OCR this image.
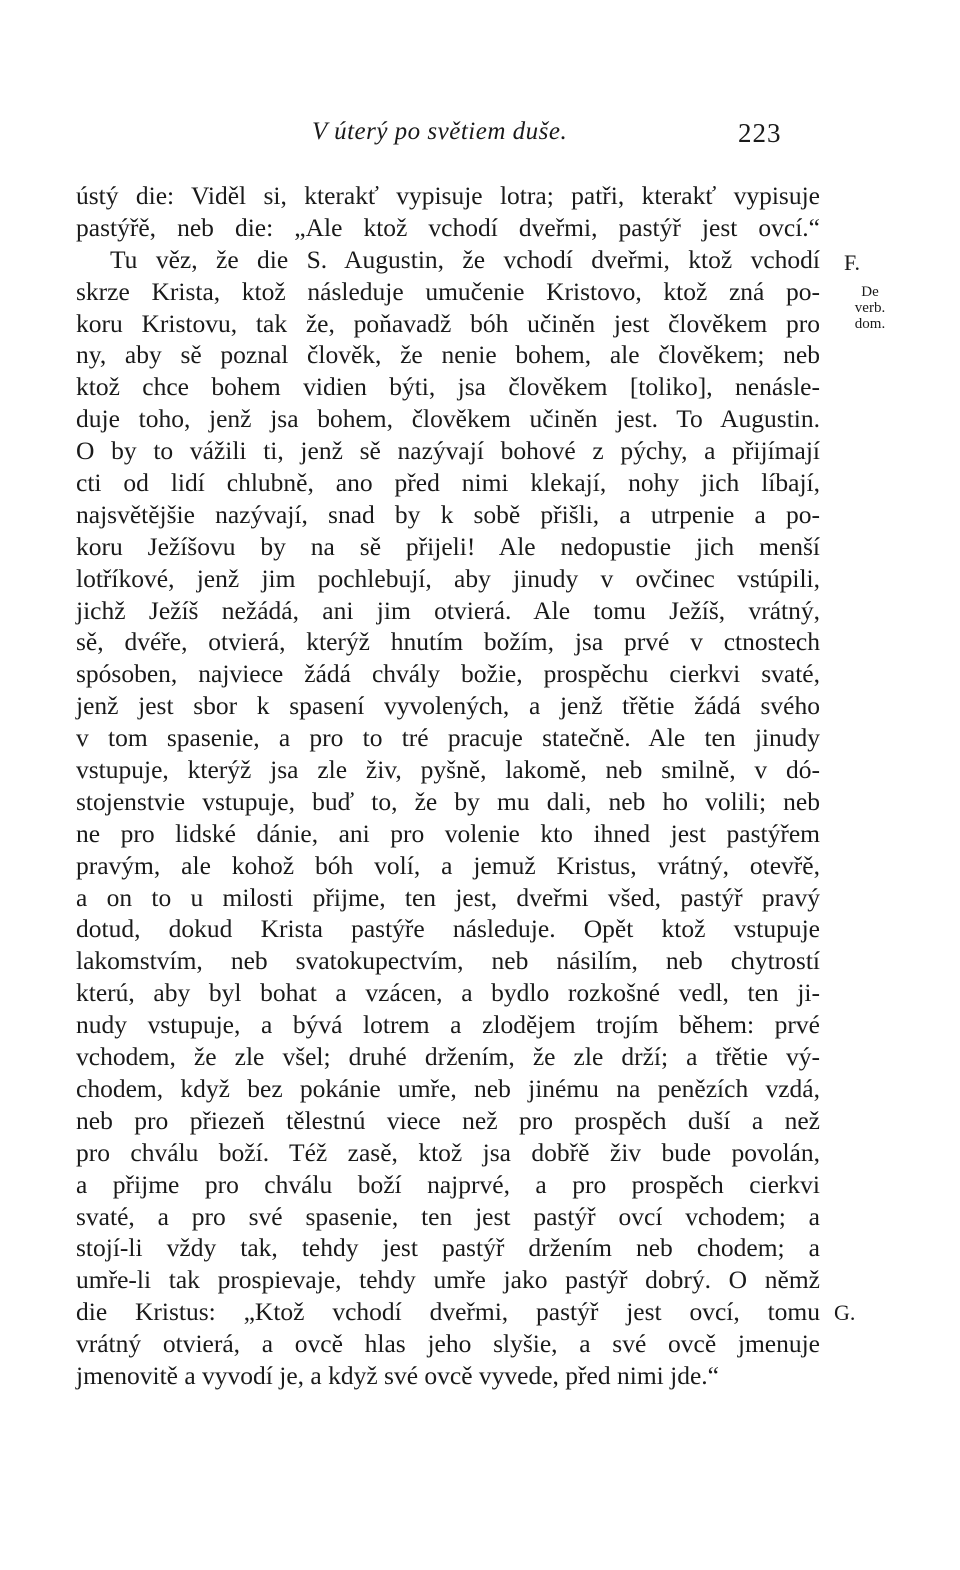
V úterý po světiem duše.	223
ústý die: Viděl si, kterakť vypisuje lotra; patři, kterakť vypisuje
pastýřě, neb die: „Ale ktož vchodí dveřmi, pastýř jest ovcí.“
Tu věz, že die S. Augustin, že vchodí dveřmi, ktož vchodí
skrze Krista, ktož následuje umučenie Kristovo, ktož zná po-
koru Kristovu, tak že, poňavadž bóh učiněn jest člověkem pro
ny, aby sě poznal člověk, že nenie bohem, ale člověkem; neb
ktož chce bohem vidien býti, jsa člověkem [toliko], nenásle-
duje toho, jenž jsa bohem, člověkem učiněn jest. To Augustin.
O by to vážili ti, jenž sě nazývají bohové z pýchy, a přijímají
cti od lidí chlubně, ano před nimi klekají, nohy jich líbají,
najsvětějšie nazývají, snad by k sobě přišli, a utrpenie a po-
koru Ježíšovu by na sě přijeli! Ale nedopustie jich menší
lotříkové, jenž jim pochlebují, aby jinudy v ovčinec vstúpili,
jichž Ježíš nežádá, ani jim otvierá. Ale tomu Ježíš, vrátný,
sě, dvéře, otvierá, kterýž hnutím božím, jsa prvé v ctnostech
spósoben, najviece žádá chvály božie, prospěchu cierkvi svaté,
jenž jest sbor k spasení vyvolených, a jenž třětie žádá svého
v tom spasenie, a pro to tré pracuje statečně. Ale ten jinudy
vstupuje, kterýž jsa zle živ, pyšně, lakomě, neb smilně, v dó-
stojenstvie vstupuje, buď to, že by mu dali, neb ho volili; neb
ne pro lidské dánie, ani pro volenie kto ihned jest pastýřem
pravým, ale kohož bóh volí, a jemuž Kristus, vrátný, otevřě,
a on to u milosti přijme, ten jest, dveřmi všed, pastýř pravý
dotud, dokud Krista pastýře následuje. Opět ktož vstupuje
lakomstvím, neb svatokupectvím, neb násilím, neb chytrostí
kterú, aby byl bohat a vzácen, a bydlo rozkošné vedl, ten ji-
nudy vstupuje, a bývá lotrem a zlodějem trojím během: prvé
vchodem, že zle všel; druhé držením, že zle drží; a třětie vý-
chodem, když bez pokánie umře, neb jinému na penězích vzdá,
neb pro přiezeň tělestnú viece než pro prospěch duší a než
pro chválu boží. Též zasě, ktož jsa dobřě živ bude povolán,
a přijme pro chválu boží najprvé, a pro prospěch cierkvi
svaté, a pro své spasenie, ten jest pastýř ovcí vchodem; a
stojí-li vždy tak, tehdy jest pastýř držením neb chodem; a
umře-li tak prospievaje, tehdy umře jako pastýř dobrý. O němž
die Kristus: „Ktož vchodí dveřmi, pastýř jest ovcí, tomu
vrátný otvierá, a ovcě hlas jeho slyšie, a své ovcě jmenuje
jmenovitě a vyvodí je, a když své ovcě vyvede, před nimi jde.“
F.
De verb.
dom.
G.
